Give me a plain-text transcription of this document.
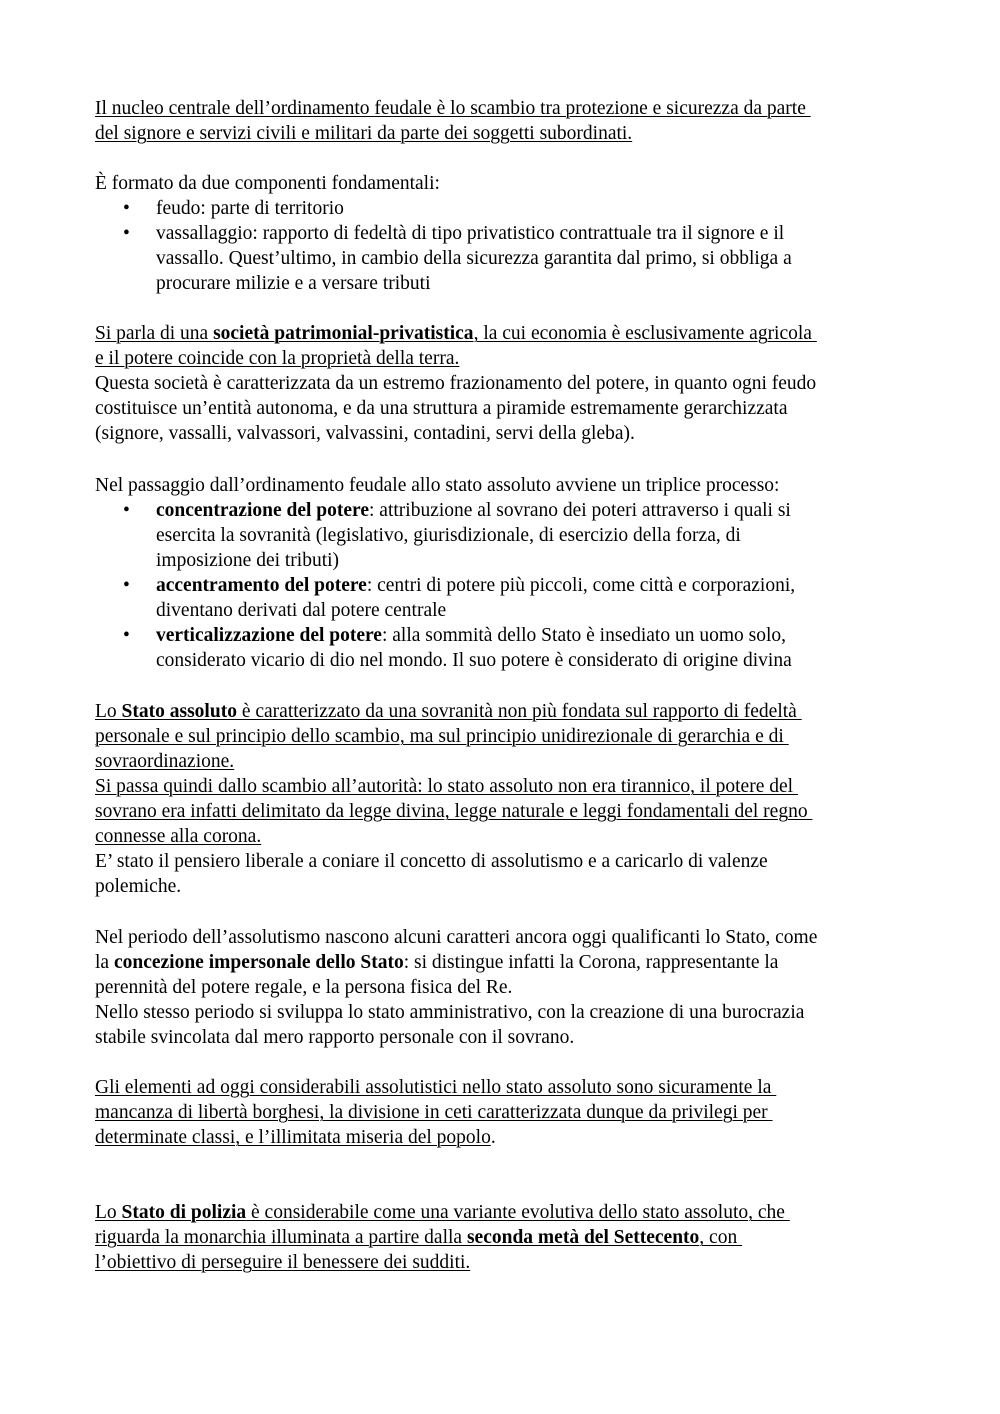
Il nucleo centrale dell’ordinamento feudale è lo scambio tra protezione e sicurezza da parte
del signore e servizi civili e militari da parte dei soggetti subordinati.
È formato da due componenti fondamentali:
• feudo: parte di territorio
• vassallaggio: rapporto di fedeltà di tipo privatistico contrattuale tra il signore e il
vassallo. Quest’ultimo, in cambio della sicurezza garantita dal primo, si obbliga a
procurare milizie e a versare tributi
Si parla di una società patrimonial-privatistica, la cui economia è esclusivamente agricola
e il potere coincide con la proprietà della terra.
Questa società è caratterizzata da un estremo frazionamento del potere, in quanto ogni feudo
costituisce un’entità autonoma, e da una struttura a piramide estremamente gerarchizzata
(signore, vassalli, valvassori, valvassini, contadini, servi della gleba).
Nel passaggio dall’ordinamento feudale allo stato assoluto avviene un triplice processo:
• concentrazione del potere: attribuzione al sovrano dei poteri attraverso i quali si
esercita la sovranità (legislativo, giurisdizionale, di esercizio della forza, di
imposizione dei tributi)
• accentramento del potere: centri di potere più piccoli, come città e corporazioni,
diventano derivati dal potere centrale
• verticalizzazione del potere: alla sommità dello Stato è insediato un uomo solo,
considerato vicario di dio nel mondo. Il suo potere è considerato di origine divina
Lo Stato assoluto è caratterizzato da una sovranità non più fondata sul rapporto di fedeltà
personale e sul principio dello scambio, ma sul principio unidirezionale di gerarchia e di
sovraordinazione.
Si passa quindi dallo scambio all’autorità: lo stato assoluto non era tirannico, il potere del
sovrano era infatti delimitato da legge divina, legge naturale e leggi fondamentali del regno
connesse alla corona.
E’ stato il pensiero liberale a coniare il concetto di assolutismo e a caricarlo di valenze
polemiche.
Nel periodo dell’assolutismo nascono alcuni caratteri ancora oggi qualificanti lo Stato, come
la concezione impersonale dello Stato: si distingue infatti la Corona, rappresentante la
perennità del potere regale, e la persona fisica del Re.
Nello stesso periodo si sviluppa lo stato amministrativo, con la creazione di una burocrazia
stabile svincolata dal mero rapporto personale con il sovrano.
Gli elementi ad oggi considerabili assolutistici nello stato assoluto sono sicuramente la
mancanza di libertà borghesi, la divisione in ceti caratterizzata dunque da privilegi per
determinate classi, e l’illimitata miseria del popolo.
Lo Stato di polizia è considerabile come una variante evolutiva dello stato assoluto, che
riguarda la monarchia illuminata a partire dalla seconda metà del Settecento, con
l’obiettivo di perseguire il benessere dei sudditi.
